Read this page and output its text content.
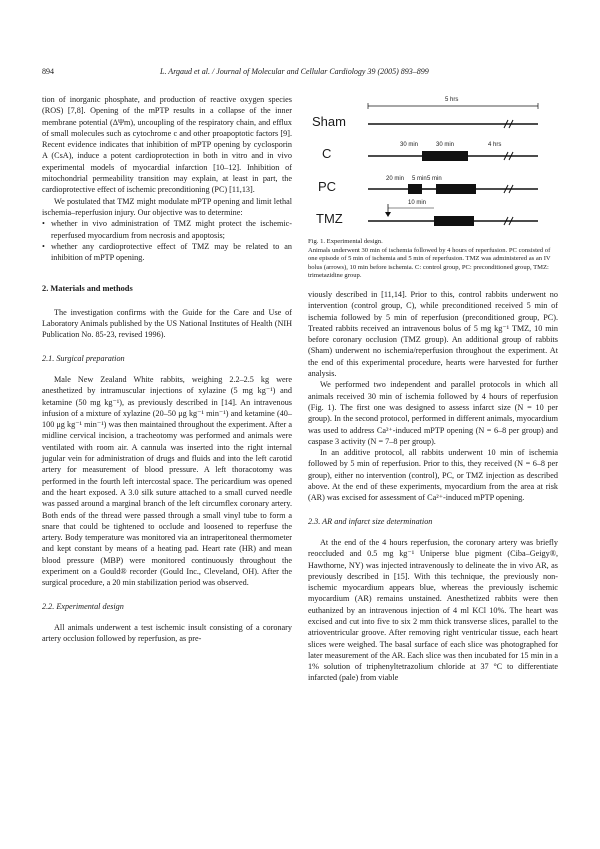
894	L. Argaud et al. / Journal of Molecular and Cellular Cardiology 39 (2005) 893–899

tion of inorganic phosphate, and production of reactive oxygen species (ROS) [7,8]. Opening of the mPTP results in a collapse of the inner membrane potential (ΔΨm), uncoupling of the respiratory chain, and efflux of small molecules such as cytochrome c and other proapoptotic factors [9]. Recent evidence indicates that inhibition of mPTP opening by cyclosporin A (CsA), induce a potent cardioprotection in both in vitro and in vivo experimental models of myocardial infarction [10–12]. Inhibition of mitochondrial permeability transition may explain, at least in part, the cardioprotective effect of ischemic preconditioning (PC) [11,13].

We postulated that TMZ might modulate mPTP opening and limit lethal ischemia–reperfusion injury. Our objective was to determine:

• whether in vivo administration of TMZ might protect the ischemic-reperfused myocardium from necrosis and apoptosis;
• whether any cardioprotective effect of TMZ may be related to an inhibition of mPTP opening.
2. Materials and methods

The investigation confirms with the Guide for the Care and Use of Laboratory Animals published by the US National Institutes of Health (NIH Publication No. 85-23, revised 1996).

2.1. Surgical preparation

Male New Zealand White rabbits, weighing 2.2–2.5 kg were anesthetized by intramuscular injections of xylazine (5 mg kg⁻¹) and ketamine (50 mg kg⁻¹), as previously described in [14]. An intravenous infusion of a mixture of xylazine (20–50 μg kg⁻¹ min⁻¹) and ketamine (40–100 μg kg⁻¹ min⁻¹) was then maintained throughout the experiment. After a midline cervical incision, a tracheotomy was performed and animals were ventilated with room air. A cannula was inserted into the right internal jugular vein for administration of drugs and fluids and into the left carotid artery for measurement of blood pressure. A left thoracotomy was performed in the fourth left intercostal space. The pericardium was opened and the heart exposed. A 3.0 silk suture attached to a small curved needle was passed around a marginal branch of the left circumflex coronary artery. Both ends of the thread were passed through a small vinyl tube to form a snare that could be tightened to occlude and loosened to reperfuse the artery. Body temperature was monitored via an intraperitoneal thermometer and kept constant by means of a heating pad. Heart rate (HR) and mean blood pressure (MBP) were monitored continuously throughout the experiment on a Gould® recorder (Gould Inc., Cleveland, OH). After the surgical procedure, a 20 min stabilization period was observed.

2.2. Experimental design

All animals underwent a test ischemic insult consisting of a coronary artery occlusion followed by reperfusion, as pre-

Sham
C
PC
TMZ
5 hrs
30 min	30 min	4 hrs
20 min 5 min 5 min
10 min
Fig. 1. Experimental design.
Animals underwent 30 min of ischemia followed by 4 hours of reperfusion. PC consisted of one episode of 5 min of ischemia and 5 min of reperfusion. TMZ was administered as an IV bolus (arrows), 10 min before ischemia. C: control group, PC: preconditioned group, TMZ: trimetazidine group.

viously described in [11,14]. Prior to this, control rabbits underwent no intervention (control group, C), while preconditioned received 5 min of ischemia followed by 5 min of reperfusion (preconditioned group, PC). Treated rabbits received an intravenous bolus of 5 mg kg⁻¹ TMZ, 10 min before coronary occlusion (TMZ group). An additional group of rabbits (Sham) underwent no ischemia/reperfusion throughout the experiment. At the end of this experimental procedure, hearts were harvested for further analysis.

We performed two independent and parallel protocols in which all animals received 30 min of ischemia followed by 4 hours of reperfusion (Fig. 1). The first one was designed to assess infarct size (N = 10 per group). In the second protocol, performed in different animals, myocardium was used to address Ca²⁺-induced mPTP opening (N = 6–8 per group) and caspase 3 activity (N = 7–8 per group).

In an additive protocol, all rabbits underwent 10 min of ischemia followed by 5 min of reperfusion. Prior to this, they received (N = 6–8 per group), either no intervention (control), PC, or TMZ injection as described above. At the end of these experiments, myocardium from the area at risk (AR) was excised for assessment of Ca²⁺-induced mPTP opening.

2.3. AR and infarct size determination

At the end of the 4 hours reperfusion, the coronary artery was briefly reoccluded and 0.5 mg kg⁻¹ Uniperse blue pigment (Ciba–Geigy®, Hawthorne, NY) was injected intravenously to delineate the in vivo AR, as previously described in [15]. With this technique, the previously non-ischemic myocardium appears blue, whereas the previously ischemic myocardium (AR) remains unstained. Anesthetized rabbits were then euthanized by an intravenous injection of 4 ml KCl 10%. The heart was excised and cut into five to six 2 mm thick transverse slices, parallel to the atrioventricular groove. After removing right ventricular tissue, each heart slices were weighed. The basal surface of each slice was photographed for later measurement of the AR. Each slice was then incubated for 15 min in a 1% solution of triphenyltetrazolium chloride at 37 °C to differentiate infarcted (pale) from viable
